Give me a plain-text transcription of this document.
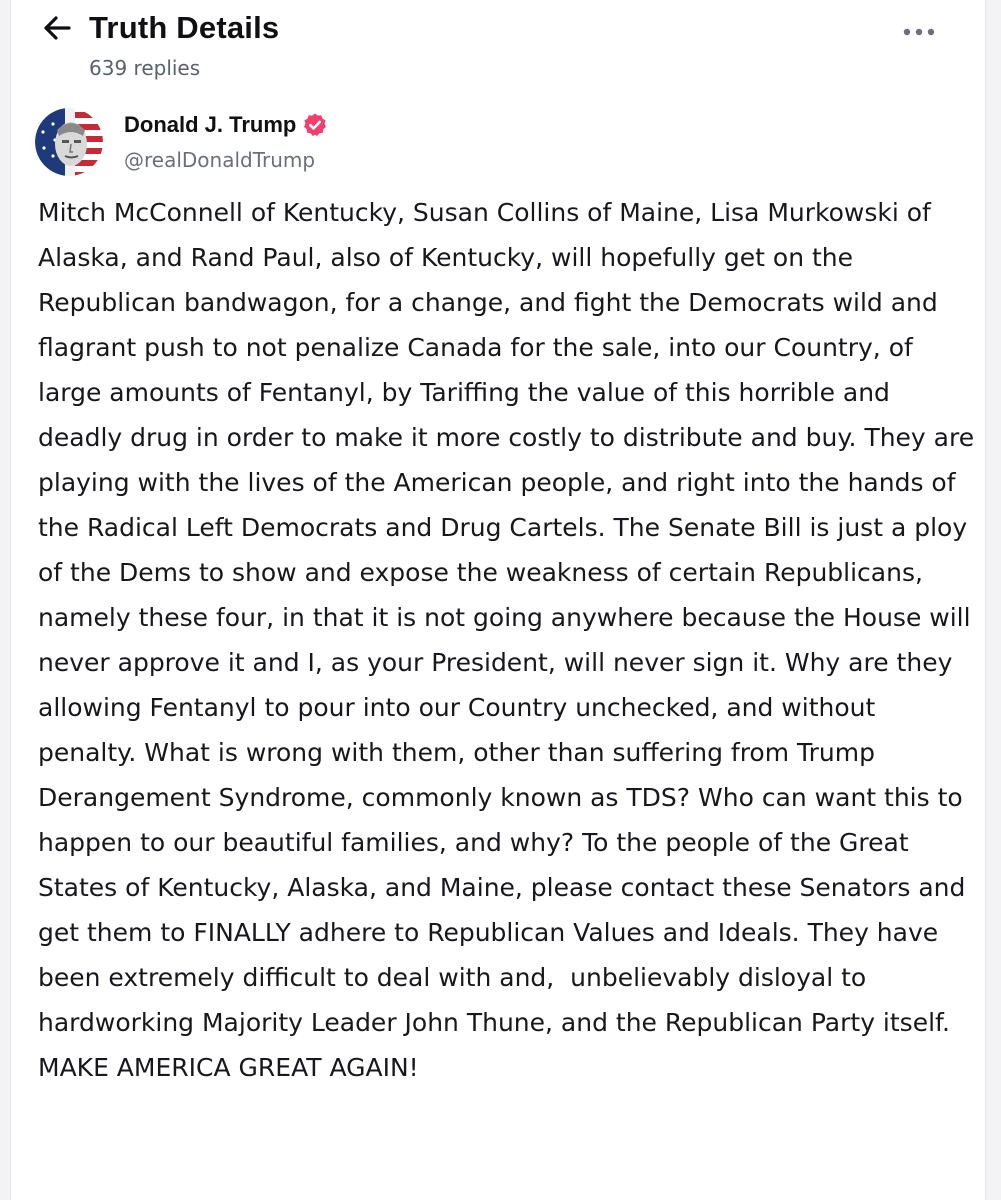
Truth Details
639 replies
Donald J. Trump
@realDonaldTrump

Mitch McConnell of Kentucky, Susan Collins of Maine, Lisa Murkowski of Alaska, and Rand Paul, also of Kentucky, will hopefully get on the Republican bandwagon, for a change, and fight the Democrats wild and flagrant push to not penalize Canada for the sale, into our Country, of large amounts of Fentanyl, by Tariffing the value of this horrible and deadly drug in order to make it more costly to distribute and buy. They are playing with the lives of the American people, and right into the hands of the Radical Left Democrats and Drug Cartels. The Senate Bill is just a ploy of the Dems to show and expose the weakness of certain Republicans, namely these four, in that it is not going anywhere because the House will never approve it and I, as your President, will never sign it. Why are they allowing Fentanyl to pour into our Country unchecked, and without penalty. What is wrong with them, other than suffering from Trump Derangement Syndrome, commonly known as TDS? Who can want this to happen to our beautiful families, and why? To the people of the Great States of Kentucky, Alaska, and Maine, please contact these Senators and get them to FINALLY adhere to Republican Values and Ideals. They have been extremely difficult to deal with and,  unbelievably disloyal to hardworking Majority Leader John Thune, and the Republican Party itself. MAKE AMERICA GREAT AGAIN!
